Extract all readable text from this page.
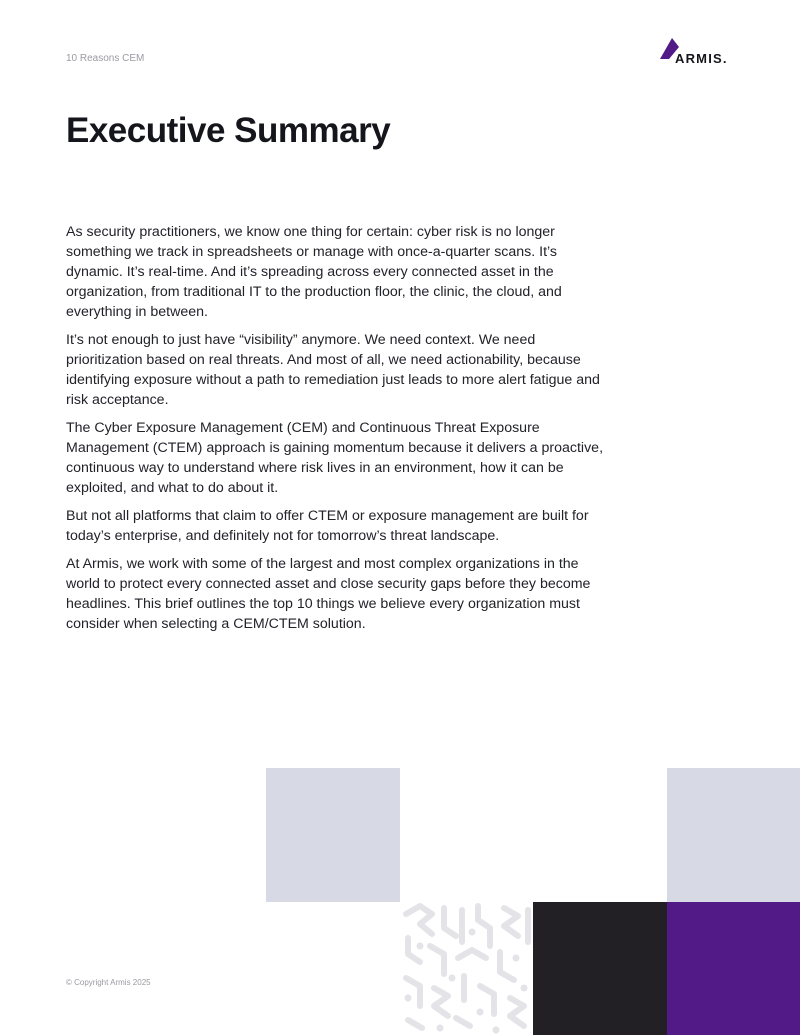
10 Reasons CEM	ARMIS.
Executive Summary

As security practitioners, we know one thing for certain: cyber risk is no longer something we track in spreadsheets or manage with once-a-quarter scans. It’s dynamic. It’s real-time. And it’s spreading across every connected asset in the organization, from traditional IT to the production floor, the clinic, the cloud, and everything in between.

It’s not enough to just have “visibility” anymore. We need context. We need prioritization based on real threats. And most of all, we need actionability, because identifying exposure without a path to remediation just leads to more alert fatigue and risk acceptance.

The Cyber Exposure Management (CEM) and Continuous Threat Exposure Management (CTEM) approach is gaining momentum because it delivers a proactive, continuous way to understand where risk lives in an environment, how it can be exploited, and what to do about it.

But not all platforms that claim to offer CTEM or exposure management are built for today’s enterprise, and definitely not for tomorrow’s threat landscape.

At Armis, we work with some of the largest and most complex organizations in the world to protect every connected asset and close security gaps before they become headlines. This brief outlines the top 10 things we believe every organization must consider when selecting a CEM/CTEM solution.

© Copyright Armis 2025
